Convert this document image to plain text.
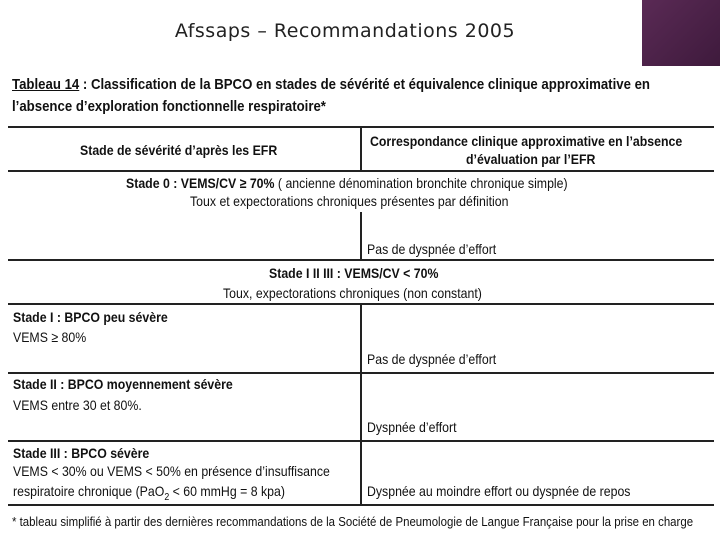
Afssaps – Recommandations 2005
Tableau 14 : Classification de la BPCO en stades de sévérité et équivalence clinique approximative en l’absence d’exploration fonctionnelle respiratoire*
Stade de sévérité d’après les EFR
Correspondance clinique approximative en l’absence
d’évaluation par l’EFR
Stade 0 : VEMS/CV ≥ 70% ( ancienne dénomination bronchite chronique simple)
Toux et expectorations chroniques présentes par définition
Pas de dyspnée d’effort
Stade I II III : VEMS/CV < 70%
Toux, expectorations chroniques (non constant)
Stade I : BPCO peu sévère
VEMS ≥ 80%
Pas de dyspnée d’effort
Stade II : BPCO moyennement sévère
VEMS entre 30 et 80%.
Dyspnée d’effort
Stade III : BPCO sévère
VEMS < 30% ou VEMS < 50% en présence d’insuffisance
respiratoire chronique (PaO$_2$ < 60 mmHg = 8 kpa)	Dyspnée au moindre effort ou dyspnée de repos
* tableau simplifié à partir des dernières recommandations de la Société de Pneumologie de Langue Française pour la prise en charge
